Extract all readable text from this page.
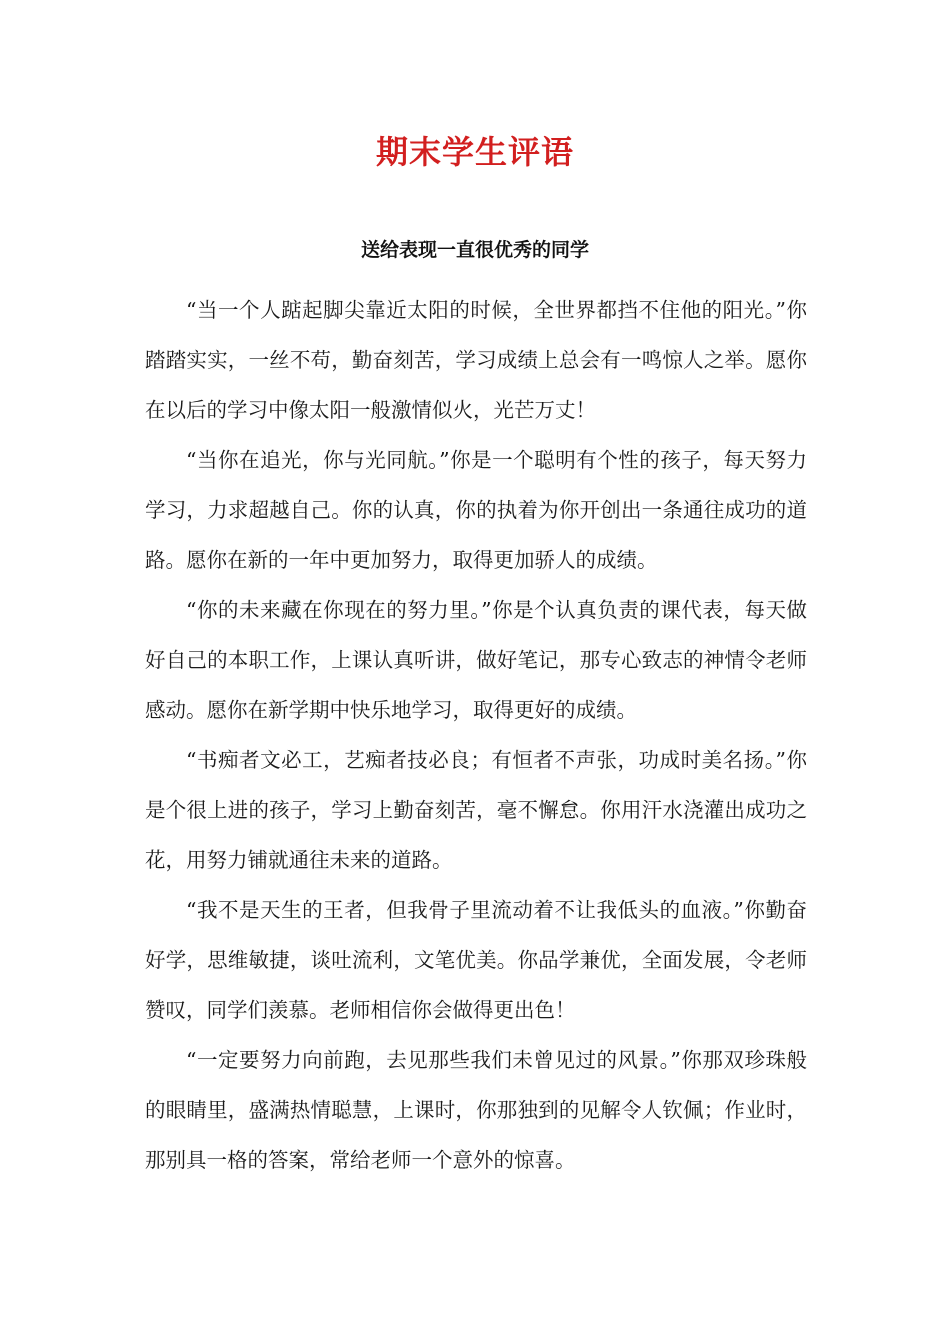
期末学生评语
送给表现一直很优秀的同学

“当一个人踮起脚尖靠近太阳的时候，全世界都挡不住他的阳光。”你踏踏实实，一丝不苟，勤奋刻苦，学习成绩上总会有一鸣惊人之举。愿你在以后的学习中像太阳一般激情似火，光芒万丈！

“当你在追光，你与光同航。”你是一个聪明有个性的孩子，每天努力学习，力求超越自己。你的认真，你的执着为你开创出一条通往成功的道路。愿你在新的一年中更加努力，取得更加骄人的成绩。

“你的未来藏在你现在的努力里。”你是个认真负责的课代表，每天做好自己的本职工作，上课认真听讲，做好笔记，那专心致志的神情令老师感动。愿你在新学期中快乐地学习，取得更好的成绩。

“书痴者文必工，艺痴者技必良；有恒者不声张，功成时美名扬。”你是个很上进的孩子，学习上勤奋刻苦，毫不懈怠。你用汗水浇灌出成功之花，用努力铺就通往未来的道路。

“我不是天生的王者，但我骨子里流动着不让我低头的血液。”你勤奋好学，思维敏捷，谈吐流利，文笔优美。你品学兼优，全面发展，令老师赞叹，同学们羡慕。老师相信你会做得更出色！

“一定要努力向前跑，去见那些我们未曾见过的风景。”你那双珍珠般的眼睛里，盛满热情聪慧，上课时，你那独到的见解令人钦佩；作业时，那别具一格的答案，常给老师一个意外的惊喜。
